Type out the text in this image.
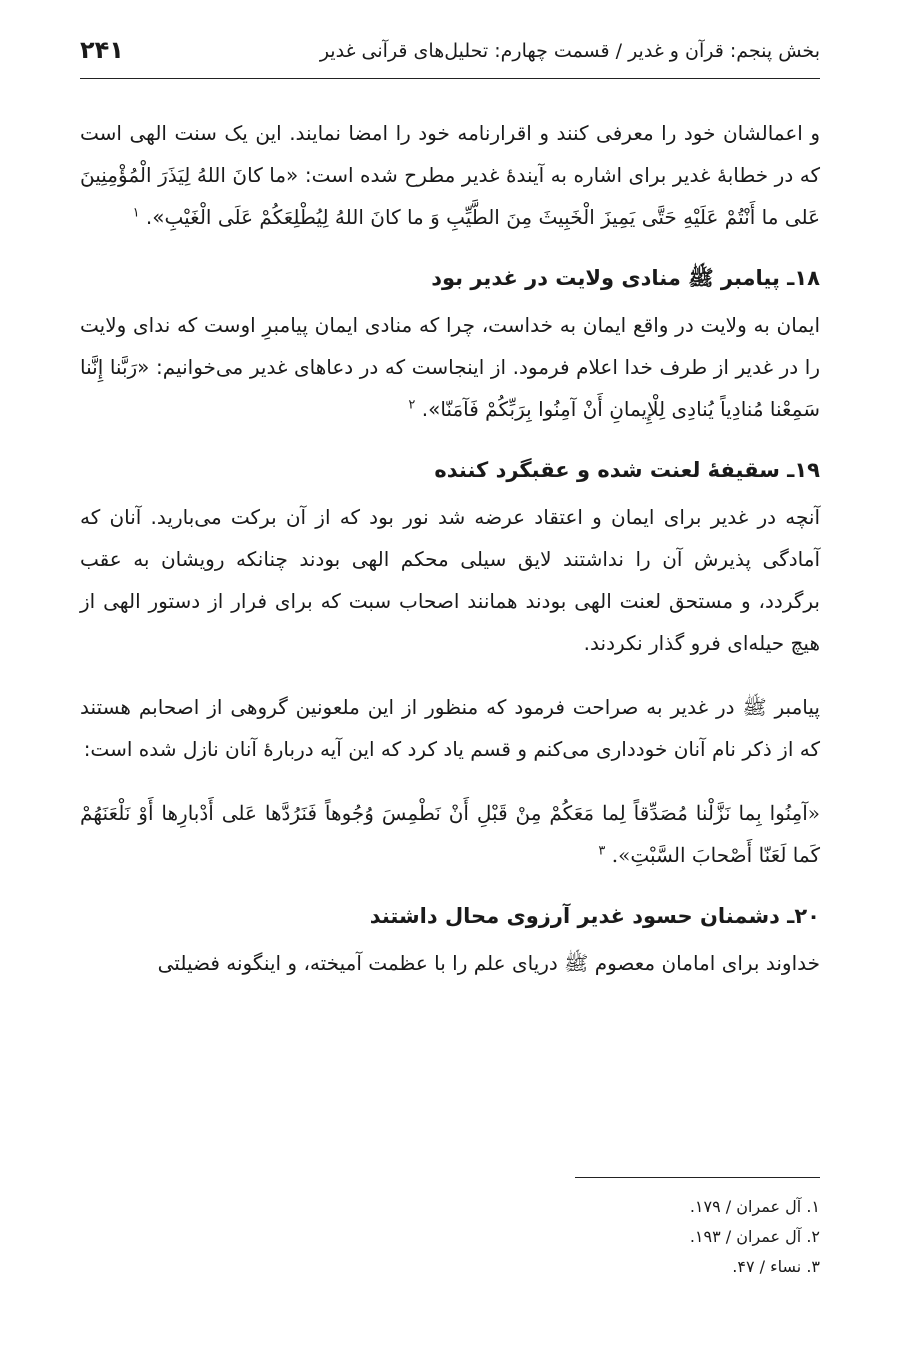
بخش پنجم: قرآن و غدیر / قسمت چهارم: تحلیل‌های قرآنی غدیر
۲۴۱

و اعمالشان خود را معرفی کنند و اقرارنامه خود را امضا نمایند. این یک سنت الهی است که در خطابهٔ غدیر برای اشاره به آیندهٔ غدیر مطرح شده است: «ما کانَ اللهُ لِیَذَرَ الْمُؤْمِنِینَ عَلی ما أَنْتُمْ عَلَیْهِ حَتَّی یَمِیزَ الْخَبِیثَ مِنَ الطَّیِّبِ وَ ما کانَ اللهُ لِیُطْلِعَکُمْ عَلَی الْغَیْبِ». $^۱$

۱۸ـ پیامبر ﷺ منادی ولایت در غدیر بود

ایمان به ولایت در واقع ایمان به خداست، چرا که منادی ایمان پیامبرِ اوست که ندای ولایت را در غدیر از طرف خدا اعلام فرمود. از اینجاست که در دعاهای غدیر می‌خوانیم: «رَبَّنا إِنَّنا سَمِعْنا مُنادِیاً یُنادِی لِلْإِیمانِ أَنْ آمِنُوا بِرَبِّکُمْ فَآمَنّا». $^۲$

۱۹ـ سقیفهٔ لعنت شده و عقبگرد کننده

آنچه در غدیر برای ایمان و اعتقاد عرضه شد نور بود که از آن برکت می‌بارید. آنان که آمادگی پذیرش آن را نداشتند لایق سیلی محکم الهی بودند چنانکه رویشان به عقب برگردد، و مستحق لعنت الهی بودند همانند اصحاب سبت که برای فرار از دستور الهی از هیچ حیله‌ای فرو گذار نکردند.

پیامبر ﷺ در غدیر به صراحت فرمود که منظور از این ملعونین گروهی از اصحابم هستند که از ذکر نام آنان خودداری می‌کنم و قسم یاد کرد که این آیه دربارهٔ آنان نازل شده است:

«آمِنُوا بِما نَزَّلْنا مُصَدِّقاً لِما مَعَکُمْ مِنْ قَبْلِ أَنْ نَطْمِسَ وُجُوهاً فَنَرُدَّها عَلی أَدْبارِها أَوْ نَلْعَنَهُمْ کَما لَعَنّا أَصْحابَ السَّبْتِ». $^۳$

۲۰ـ دشمنان حسود غدیر آرزوی محال داشتند

خداوند برای امامان معصوم ﷺ دریای علم را با عظمت آمیخته، و اینگونه فضیلتی

۱. آل عمران / ۱۷۹.
۲. آل عمران / ۱۹۳.
۳. نساء / ۴۷.
